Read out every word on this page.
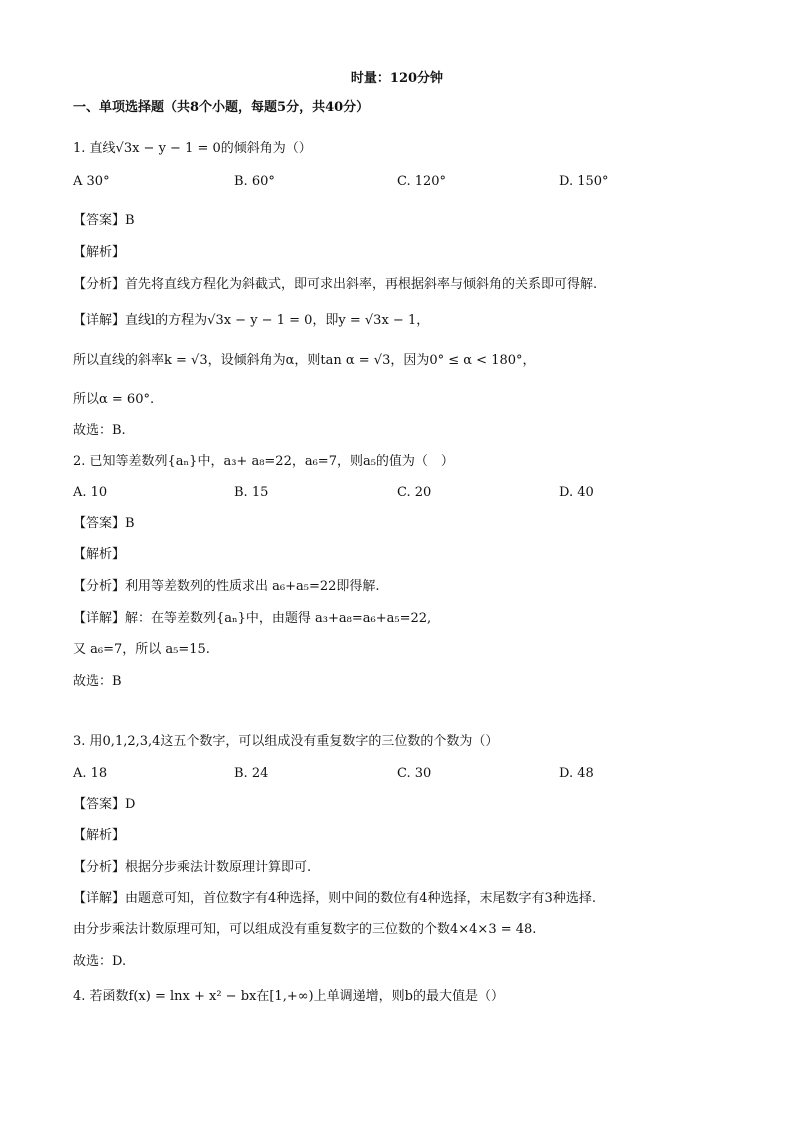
时量：120分钟
一、单项选择题（共8个小题，每题5分，共40分）
1. 直线√3x − y − 1 = 0的倾斜角为（）
A 30°	B. 60°	C. 120°	D. 150°
【答案】B
【解析】
【分析】首先将直线方程化为斜截式，即可求出斜率，再根据斜率与倾斜角的关系即可得解.
【详解】直线l的方程为√3x − y − 1 = 0，即y = √3x − 1，
所以直线的斜率k = √3，设倾斜角为α，则tan α = √3，因为0° ≤ α < 180°，
所以α = 60°.
故选：B.
2. 已知等差数列{aₙ}中，a₃+ a₈=22，a₆=7，则a₅的值为（　）
A. 10	B. 15	C. 20	D. 40
【答案】B
【解析】
【分析】利用等差数列的性质求出 a₆+a₅=22即得解.
【详解】解：在等差数列{aₙ}中，由题得 a₃+a₈=a₆+a₅=22,
又 a₆=7，所以 a₅=15.
故选：B
3. 用0,1,2,3,4这五个数字，可以组成没有重复数字的三位数的个数为（）
A. 18	B. 24	C. 30	D. 48
【答案】D
【解析】
【分析】根据分步乘法计数原理计算即可.
【详解】由题意可知，首位数字有4种选择，则中间的数位有4种选择，末尾数字有3种选择.
由分步乘法计数原理可知，可以组成没有重复数字的三位数的个数4×4×3 = 48.
故选：D.
4. 若函数f(x) = lnx + x² − bx在[1,+∞)上单调递增，则b的最大值是（）
